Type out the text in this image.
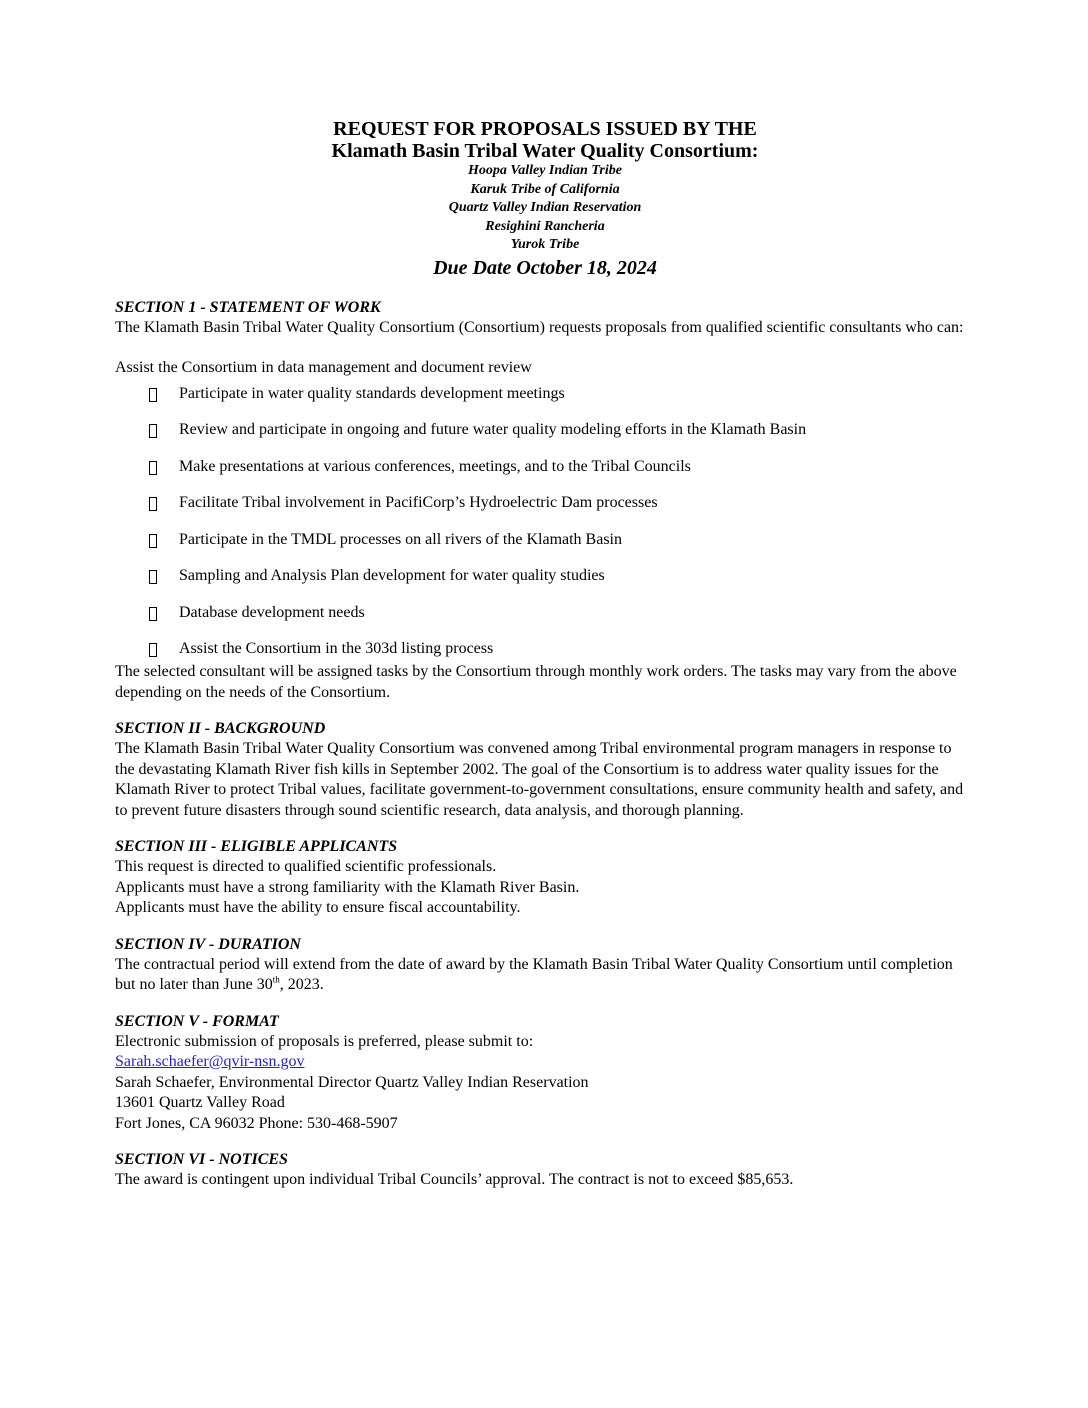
REQUEST FOR PROPOSALS ISSUED BY THE
Klamath Basin Tribal Water Quality Consortium:
Hoopa Valley Indian Tribe
Karuk Tribe of California
Quartz Valley Indian Reservation
Resighini Rancheria
Yurok Tribe
Due Date October 18, 2024
SECTION 1 - STATEMENT OF WORK

The Klamath Basin Tribal Water Quality Consortium (Consortium) requests proposals from qualified scientific consultants who can:

Assist the Consortium in data management and document review

Participate in water quality standards development meetings
Review and participate in ongoing and future water quality modeling efforts in the Klamath Basin
Make presentations at various conferences, meetings, and to the Tribal Councils
Facilitate Tribal involvement in PacifiCorp’s Hydroelectric Dam processes
Participate in the TMDL processes on all rivers of the Klamath Basin
Sampling and Analysis Plan development for water quality studies
Database development needs
Assist the Consortium in the 303d listing process

The selected consultant will be assigned tasks by the Consortium through monthly work orders. The tasks may vary from the above depending on the needs of the Consortium.

SECTION II - BACKGROUND

The Klamath Basin Tribal Water Quality Consortium was convened among Tribal environmental program managers in response to the devastating Klamath River fish kills in September 2002. The goal of the Consortium is to address water quality issues for the Klamath River to protect Tribal values, facilitate government-to-government consultations, ensure community health and safety, and to prevent future disasters through sound scientific research, data analysis, and thorough planning.

SECTION III - ELIGIBLE APPLICANTS

This request is directed to qualified scientific professionals.

Applicants must have a strong familiarity with the Klamath River Basin.

Applicants must have the ability to ensure fiscal accountability.

SECTION IV - DURATION

The contractual period will extend from the date of award by the Klamath Basin Tribal Water Quality Consortium until completion but no later than June 30th, 2023.

SECTION V - FORMAT

Electronic submission of proposals is preferred, please submit to:

Sarah.schaefer@qvir-nsn.gov

Sarah Schaefer, Environmental Director Quartz Valley Indian Reservation

13601 Quartz Valley Road

Fort Jones, CA 96032 Phone: 530-468-5907

SECTION VI - NOTICES

The award is contingent upon individual Tribal Councils’ approval. The contract is not to exceed $85,653.
